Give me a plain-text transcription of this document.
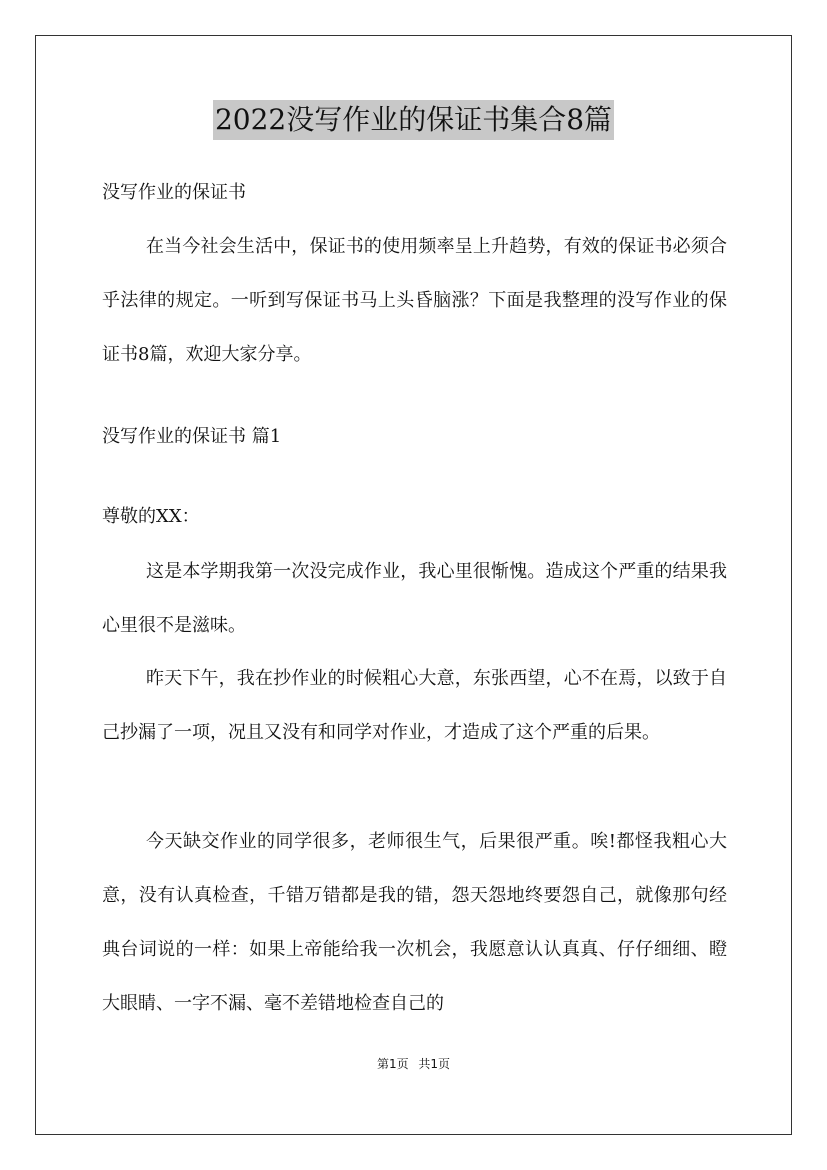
2022没写作业的保证书集合8篇

没写作业的保证书

在当今社会生活中，保证书的使用频率呈上升趋势，有效的保证书必须合乎法律的规定。一听到写保证书马上头昏脑涨？下面是我整理的没写作业的保证书8篇，欢迎大家分享。

没写作业的保证书 篇1

尊敬的XX：

这是本学期我第一次没完成作业，我心里很惭愧。造成这个严重的结果我心里很不是滋味。

昨天下午，我在抄作业的时候粗心大意，东张西望，心不在焉，以致于自己抄漏了一项，况且又没有和同学对作业，才造成了这个严重的后果。

今天缺交作业的同学很多，老师很生气，后果很严重。唉!都怪我粗心大意，没有认真检查，千错万错都是我的错，怨天怨地终要怨自己，就像那句经典台词说的一样：如果上帝能给我一次机会，我愿意认认真真、仔仔细细、瞪大眼睛、一字不漏、毫不差错地检查自己的

第1页 共1页
